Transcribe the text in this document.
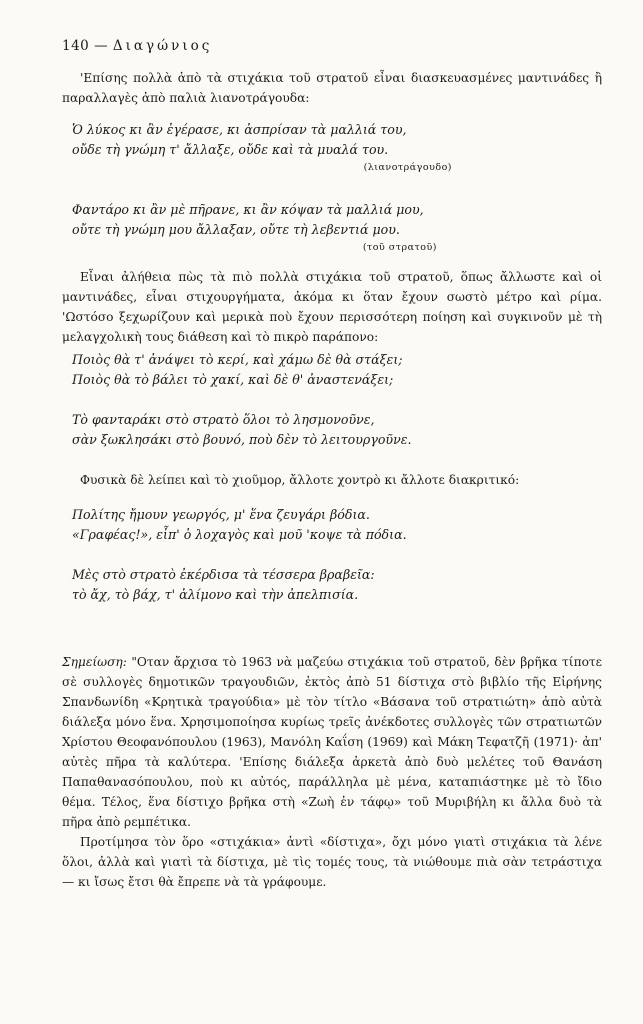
140 — Διαγώνιος

'Επίσης πολλὰ ἀπὸ τὰ στιχάκια τοῦ στρατοῦ εἶναι διασκευασμένες μαντινάδες ἢ παραλλαγὲς ἀπὸ παλιὰ λιανοτράγουδα:

Ὁ λύκος κι ἂν ἐγέρασε, κι ἀσπρίσαν τὰ μαλλιά του,
οὔδε τὴ γνώμη τ' ἄλλαξε, οὔδε καὶ τὰ μυαλά του.

(λιανοτράγουδο)

Φαντάρο κι ἂν μὲ πῆρανε, κι ἂν κόψαν τὰ μαλλιά μου,
οὔτε τὴ γνώμη μου ἄλλαξαν, οὔτε τὴ λεβεντιά μου.

(τοῦ στρατοῦ)

Εἶναι ἀλήθεια πὼς τὰ πιὸ πολλὰ στιχάκια τοῦ στρατοῦ, ὅπως ἄλλωστε καὶ οἱ μαντινάδες, εἶναι στιχουργήματα, ἀκόμα κι ὅταν ἔχουν σωστὸ μέτρο καὶ ρίμα. 'Ωστόσο ξεχωρίζουν καὶ μερικὰ ποὺ ἔχουν περισσότερη ποίηση καὶ συγκινοῦν μὲ τὴ μελαγχολικὴ τους διάθεση καὶ τὸ πικρὸ παράπονο:

Ποιὸς θὰ τ' ἀνάψει τὸ κερί, καὶ χάμω δὲ θὰ στάξει;
Ποιὸς θὰ τὸ βάλει τὸ χακί, καὶ δὲ θ' ἀναστενάξει;

Τὸ φανταράκι στὸ στρατὸ ὅλοι τὸ λησμονοῦνε,
σὰν ξωκλησάκι στὸ βουνό, ποὺ δὲν τὸ λειτουργοῦνε.

Φυσικὰ δὲ λείπει καὶ τὸ χιοῦμορ, ἄλλοτε χοντρὸ κι ἄλλοτε διακριτικό:

Πολίτης ἤμουν γεωργός, μ' ἕνα ζευγάρι βόδια.
«Γραφέας!», εἶπ' ὁ λοχαγὸς καὶ μοῦ 'κοψε τὰ πόδια.

Μὲς στὸ στρατὸ ἐκέρδισα τὰ τέσσερα βραβεῖα:
τὸ ἄχ, τὸ βάχ, τ' ἀλίμονο καὶ τὴν ἀπελπισία.

Σημείωση: "Οταν ἄρχισα τὸ 1963 νὰ μαζεύω στιχάκια τοῦ στρατοῦ, δὲν βρῆκα τίποτε σὲ συλλογὲς δημοτικῶν τραγουδιῶν, ἐκτὸς ἀπὸ 51 δίστιχα στὸ βιβλίο τῆς Εἰρήνης Σπανδωνίδη «Κρητικὰ τραγούδια» μὲ τὸν τίτλο «Βάσανα τοῦ στρατιώτη» ἀπὸ αὐτὰ διάλεξα μόνο ἕνα. Χρησιμοποίησα κυρίως τρεῖς ἀνέκδοτες συλλογὲς τῶν στρατιωτῶν Χρίστου Θεοφανόπουλου (1963), Μανόλη Καΐση (1969) καὶ Μάκη Τεφατζῆ (1971)· ἀπ' αὐτὲς πῆρα τὰ καλύτερα. 'Επίσης διάλεξα ἀρκετὰ ἀπὸ δυὸ μελέτες τοῦ Θανάση Παπαθανασόπουλου, ποὺ κι αὐτός, παράλληλα μὲ μένα, καταπιάστηκε μὲ τὸ ἴδιο θέμα. Τέλος, ἕνα δίστιχο βρῆκα στὴ «Ζωὴ ἐν τάφῳ» τοῦ Μυριβήλη κι ἄλλα δυὸ τὰ πῆρα ἀπὸ ρεμπέτικα.

Προτίμησα τὸν ὅρο «στιχάκια» ἀντὶ «δίστιχα», ὄχι μόνο γιατὶ στιχάκια τὰ λένε ὅλοι, ἀλλὰ καὶ γιατὶ τὰ δίστιχα, μὲ τὶς τομές τους, τὰ νιώθουμε πιὰ σὰν τετράστιχα — κι ἴσως ἔτσι θὰ ἔπρεπε νὰ τὰ γράφουμε.
